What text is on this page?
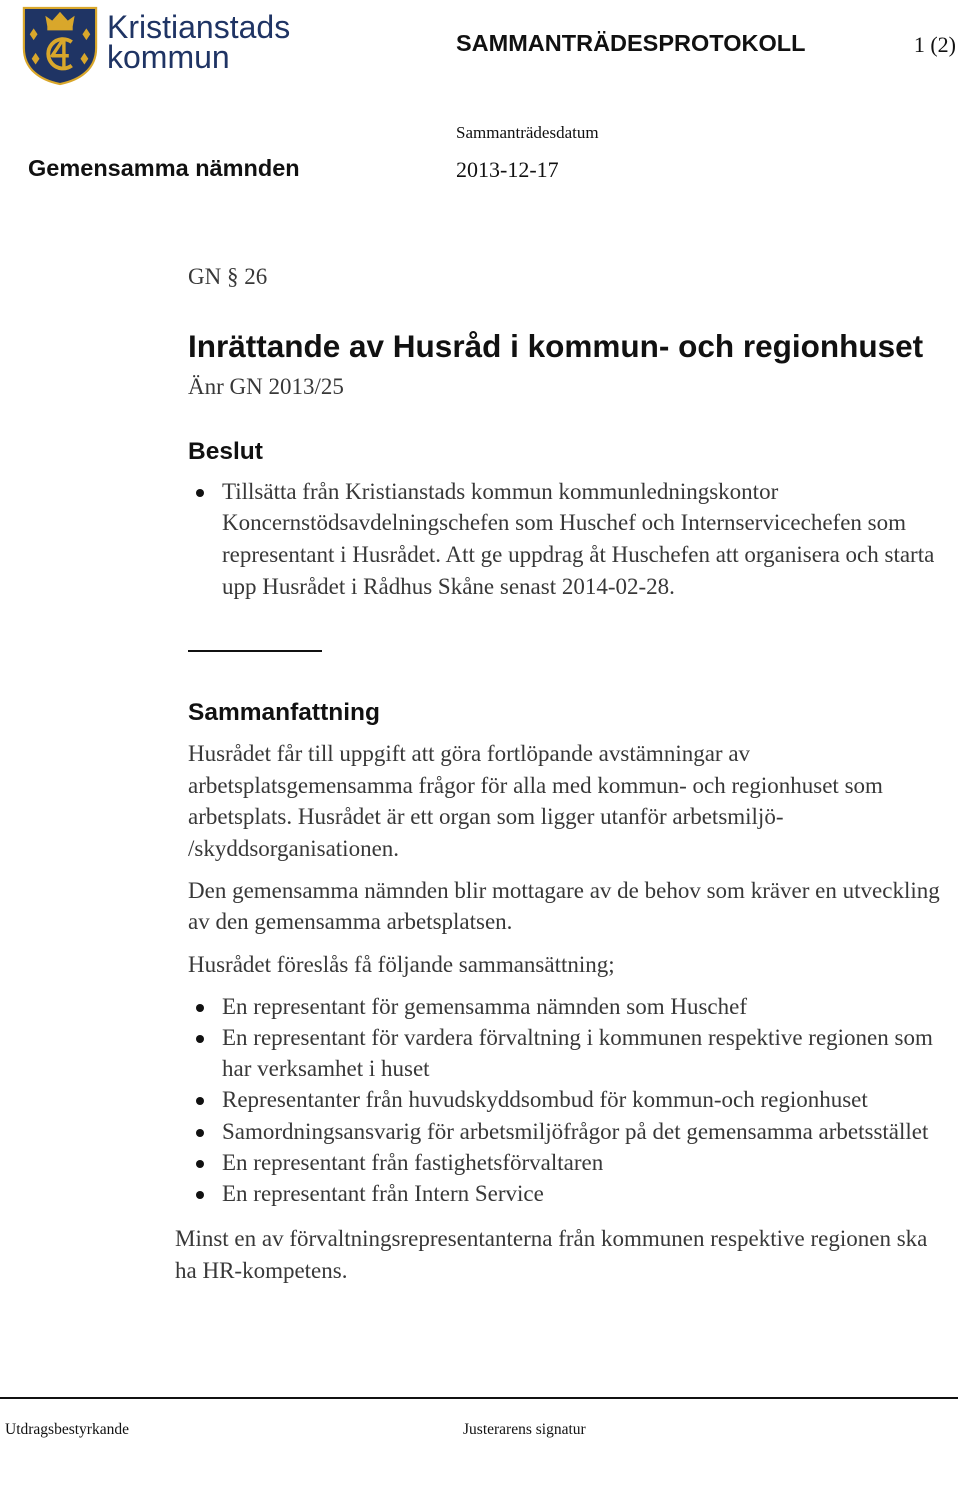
Kristianstads
kommun	SAMMANTRÄDESPROTOKOLL	1 (2)
Sammanträdesdatum
Gemensamma nämnden	2013-12-17
GN § 26
Inrättande av Husråd i kommun- och regionhuset
Änr GN 2013/25
Beslut
Tillsätta från Kristianstads kommun kommunledningskontor
Koncernstödsavdelningschefen som Huschef och Internservicechefen som
representant i Husrådet. Att ge uppdrag åt Huschefen att organisera och starta
upp Husrådet i Rådhus Skåne senast 2014-02-28.
Sammanfattning
Husrådet får till uppgift att göra fortlöpande avstämningar av
arbetsplatsgemensamma frågor för alla med kommun- och regionhuset som
arbetsplats. Husrådet är ett organ som ligger utanför arbetsmiljö-
/skyddsorganisationen.
Den gemensamma nämnden blir mottagare av de behov som kräver en utveckling
av den gemensamma arbetsplatsen.
Husrådet föreslås få följande sammansättning;
En representant för gemensamma nämnden som Huschef
En representant för vardera förvaltning i kommunen respektive regionen som
har verksamhet i huset
Representanter från huvudskyddsombud för kommun-och regionhuset
Samordningsansvarig för arbetsmiljöfrågor på det gemensamma arbetsstället
En representant från fastighetsförvaltaren
En representant från Intern Service
Minst en av förvaltningsrepresentanterna från kommunen respektive regionen ska
ha HR-kompetens.
Utdragsbestyrkande	Justerarens signatur
